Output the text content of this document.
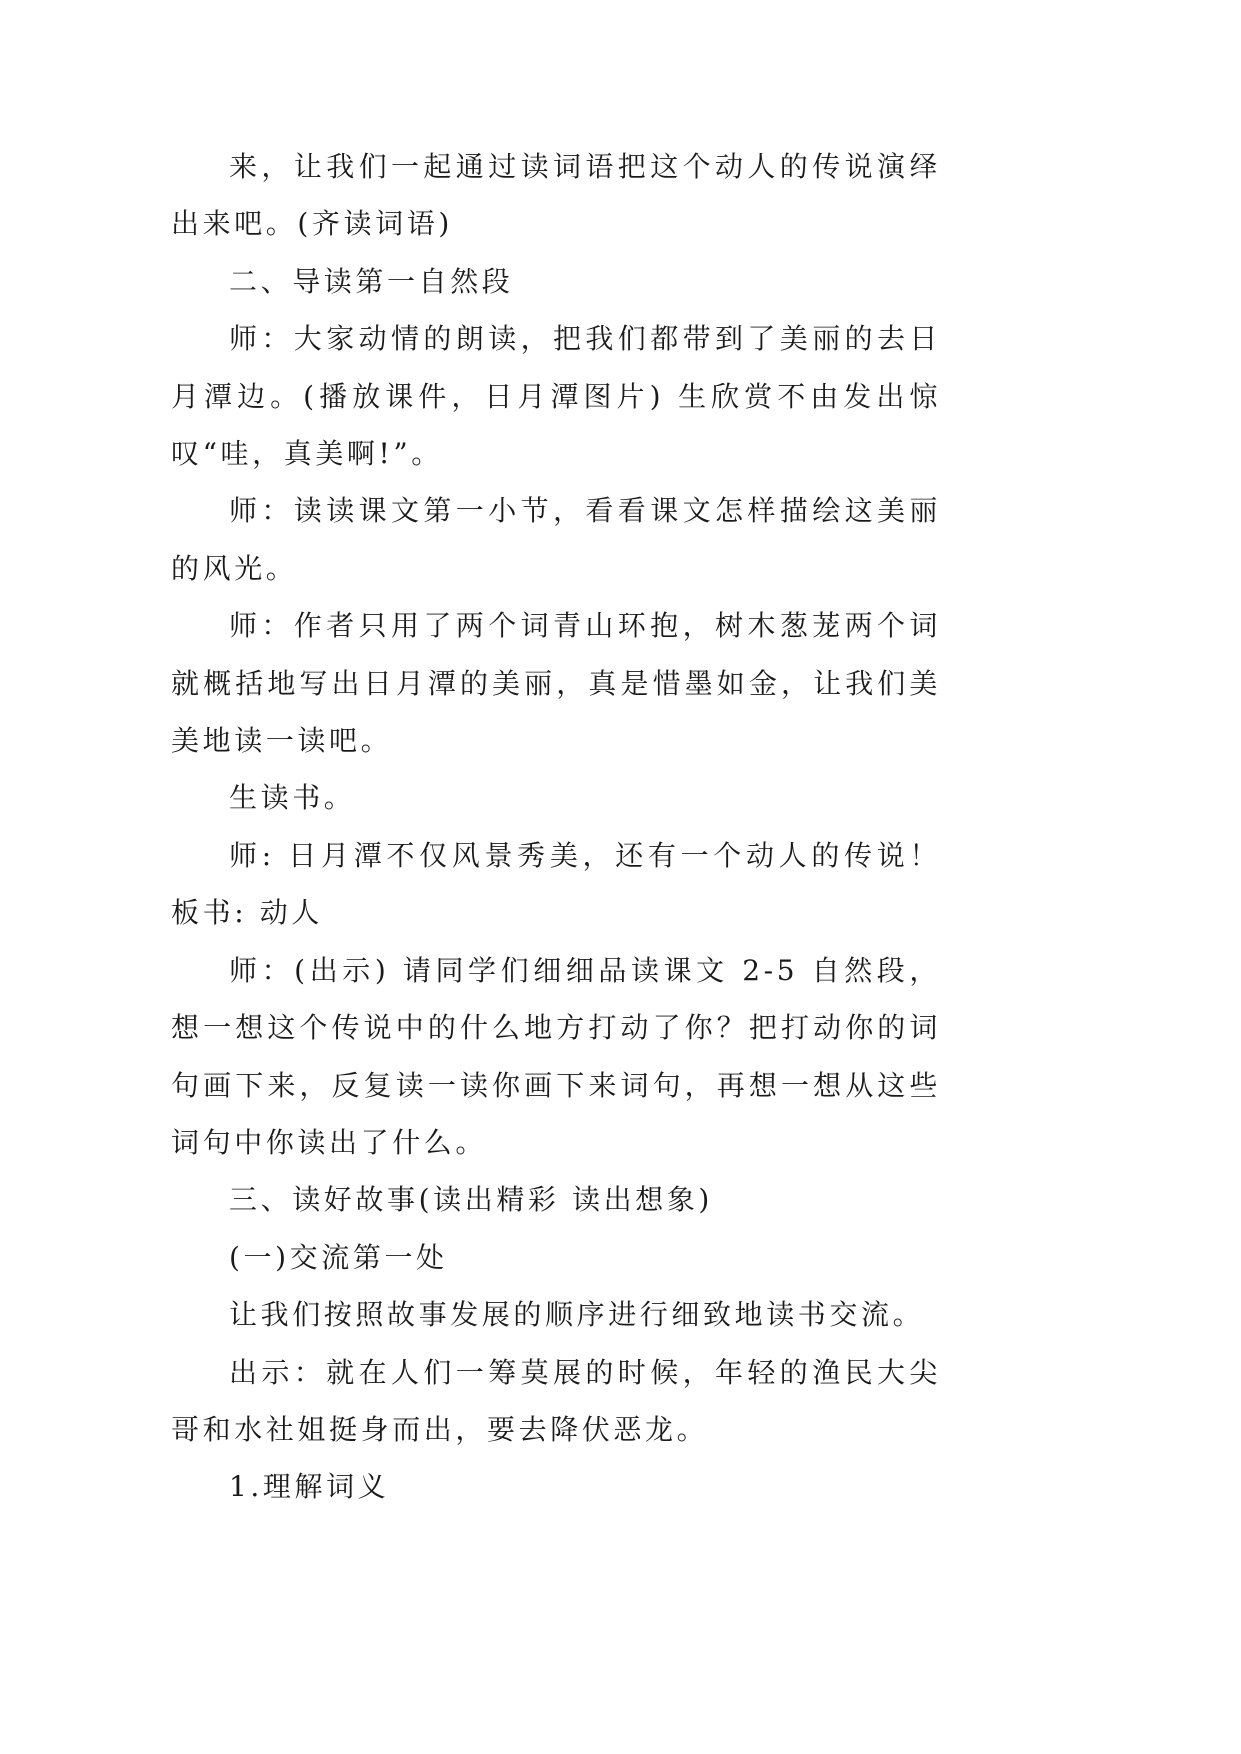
来，让我们一起通过读词语把这个动人的传说演绎出来吧。(齐读词语)

二、导读第一自然段

师：大家动情的朗读，把我们都带到了美丽的去日月潭边。(播放课件，日月潭图片) 生欣赏不由发出惊叹“哇，真美啊!”。

师：读读课文第一小节，看看课文怎样描绘这美丽的风光。

师：作者只用了两个词青山环抱，树木葱茏两个词就概括地写出日月潭的美丽，真是惜墨如金，让我们美美地读一读吧。

生读书。

师: 日月潭不仅风景秀美，还有一个动人的传说！板书: 动人

师：(出示) 请同学们细细品读课文 2-5 自然段，想一想这个传说中的什么地方打动了你？把打动你的词句画下来，反复读一读你画下来词句，再想一想从这些词句中你读出了什么。

三、读好故事(读出精彩 读出想象)

(一)交流第一处

让我们按照故事发展的顺序进行细致地读书交流。

出示：就在人们一筹莫展的时候，年轻的渔民大尖哥和水社姐挺身而出，要去降伏恶龙。

1.理解词义
